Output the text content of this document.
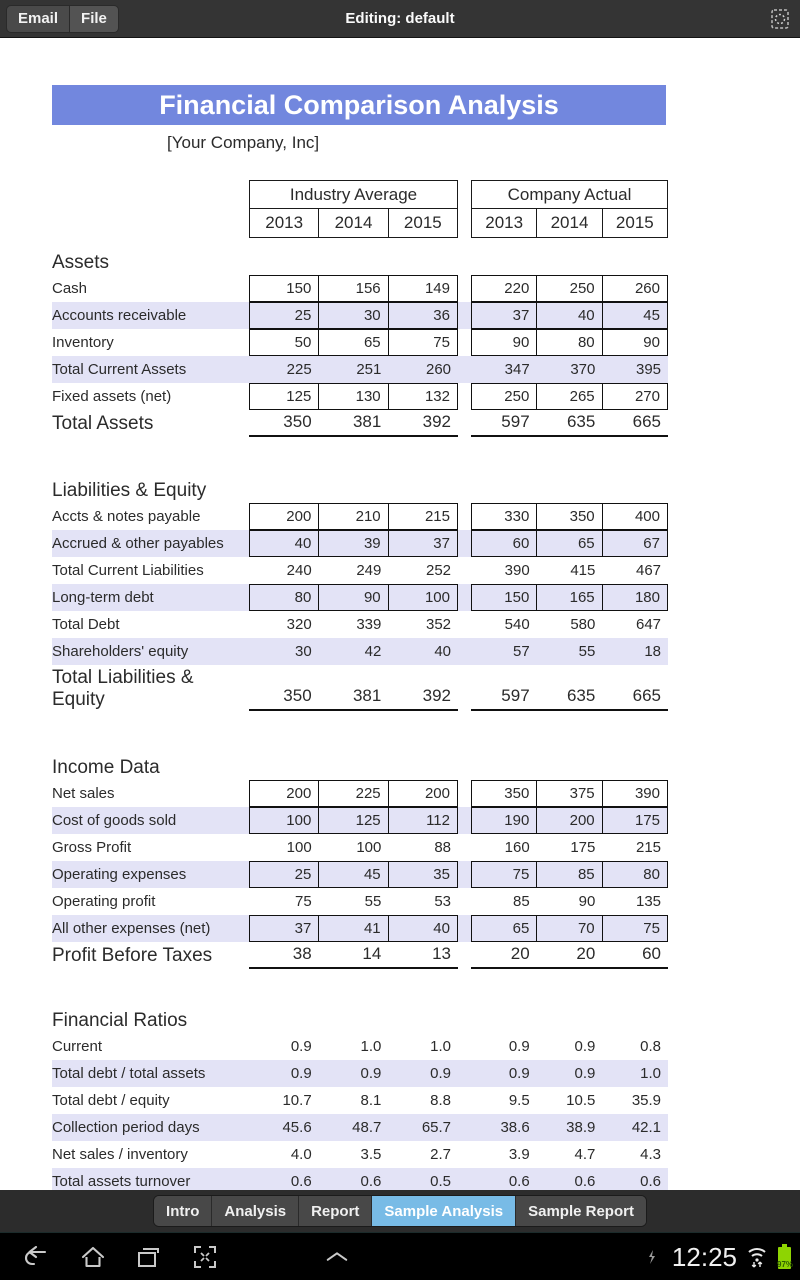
Email	File	Editing: default
Financial Comparison Analysis
[Your Company, Inc]
Industry Average
2013	2014	2015
Company Actual
2013	2014	2015
Assets
Cash	150	156	149	220	250	260
Accounts receivable	25	30	36	37	40	45
Inventory	50	65	75	90	80	90
Total Current Assets	225	251	260	347	370	395
Fixed assets (net)	125	130	132	250	265	270
Total Assets	350	381	392	597	635	665
Liabilities & Equity
Accts & notes payable	200	210	215	330	350	400
Accrued & other payables	40	39	37	60	65	67
Total Current Liabilities	240	249	252	390	415	467
Long-term debt	80	90	100	150	165	180
Total Debt	320	339	352	540	580	647
Shareholders' equity	30	42	40	57	55	18
Total Liabilities & Equity	350	381	392	597	635	665
Income Data
Net sales	200	225	200	350	375	390
Cost of goods sold	100	125	112	190	200	175
Gross Profit	100	100	88	160	175	215
Operating expenses	25	45	35	75	85	80
Operating profit	75	55	53	85	90	135
All other expenses (net)	37	41	40	65	70	75
Profit Before Taxes	38	14	13	20	20	60
Financial Ratios
Current	0.9	1.0	1.0	0.9	0.9	0.8
Total debt / total assets	0.9	0.9	0.9	0.9	0.9	1.0
Total debt / equity	10.7	8.1	8.8	9.5	10.5	35.9
Collection period days	45.6	48.7	65.7	38.6	38.9	42.1
Net sales / inventory	4.0	3.5	2.7	3.9	4.7	4.3
Total assets turnover	0.6	0.6	0.5	0.6	0.6	0.6
Intro	Analysis	Report	Sample Analysis	Sample Report
12:25	97%
